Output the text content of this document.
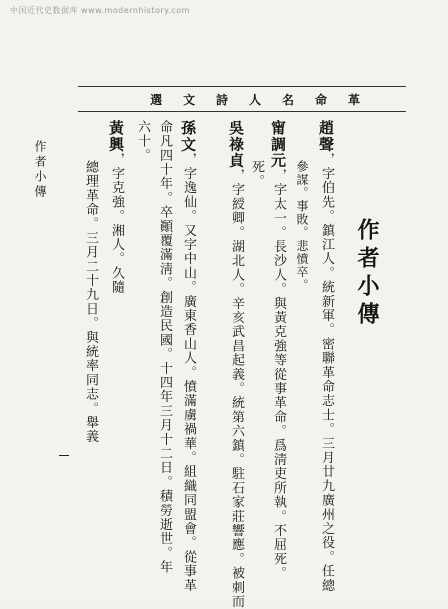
中国近代史数据库 www.modernhistory.com
革
命
名
人
詩
文
選
作者小傳
趙聲，字伯先。鎮江人。統新軍。密聯革命志士。三月廿九廣州之役。任總
參謀。事敗。悲憤卒。
甯調元，字太一。長沙人。與黃克強等從事革命。爲淸吏所執。不屈死。
死。
吳祿貞，字綬卿。湖北人。辛亥武昌起義。統第六鎮。駐石家莊響應。被刺而
孫文，字逸仙。又字中山。廣東香山人。憤滿虜禍華。組織同盟會。從事革
命凡四十年。卒顚覆滿淸。創造民國。十四年三月十二日。積勞逝世。年
六十。
黃興，字克強。湘人。久隨
總理革命。三月二十九日。與統率同志。舉義
作者小傳
